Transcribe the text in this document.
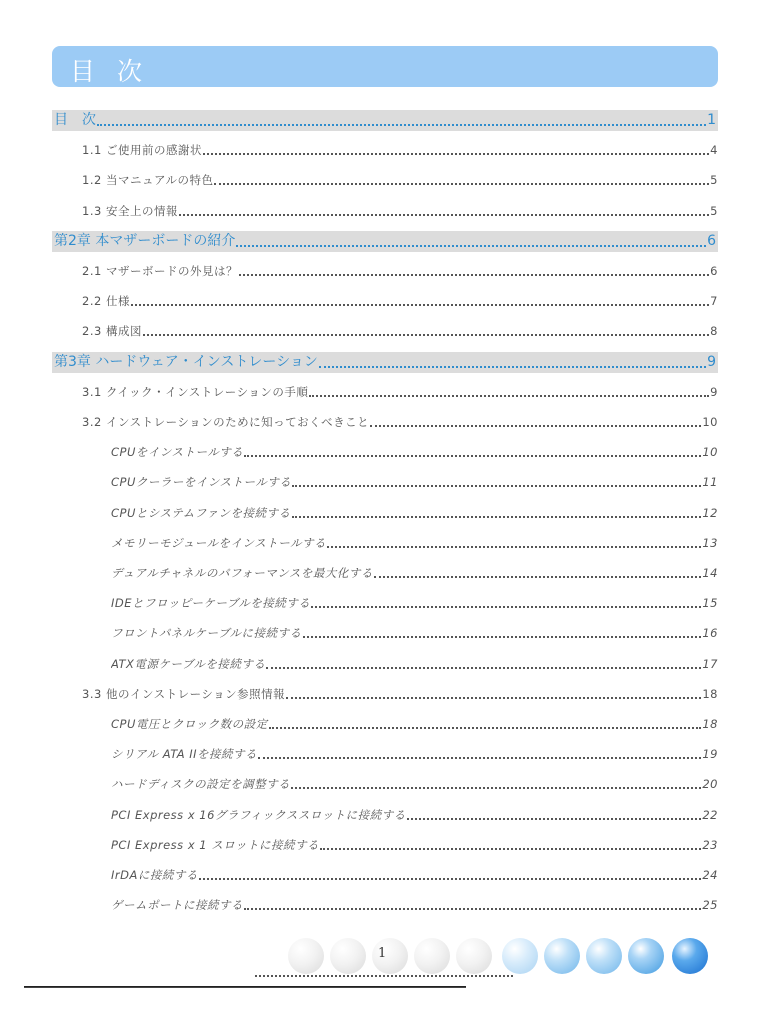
目次
目　次	1
1.1 ご使用前の感謝状	4
1.2 当マニュアルの特色	5
1.3 安全上の情報	5
第2章 本マザーボードの紹介	6
2.1 マザーボードの外見は？	6
2.2 仕様	7
2.3 構成図	8
第3章 ハードウェア・インストレーション	9
3.1 クイック・インストレーションの手順	9
3.2 インストレーションのために知っておくべきこと	10
CPUをインストールする	10
CPUクーラーをインストールする	11
CPUとシステムファンを接続する	12
メモリーモジュールをインストールする	13
デュアルチャネルのパフォーマンスを最大化する	14
IDEとフロッピーケーブルを接続する	15
フロントパネルケーブルに接続する	16
ATX電源ケーブルを接続する	17
3.3 他のインストレーション参照情報	18
CPU電圧とクロック数の設定	18
シリアル ATA IIを接続する	19
ハードディスクの設定を調整する	20
PCI Express x 16グラフィックススロットに接続する	22
PCI Express x 1 スロットに接続する	23
IrDAに接続する	24
ゲームポートに接続する	25
1
